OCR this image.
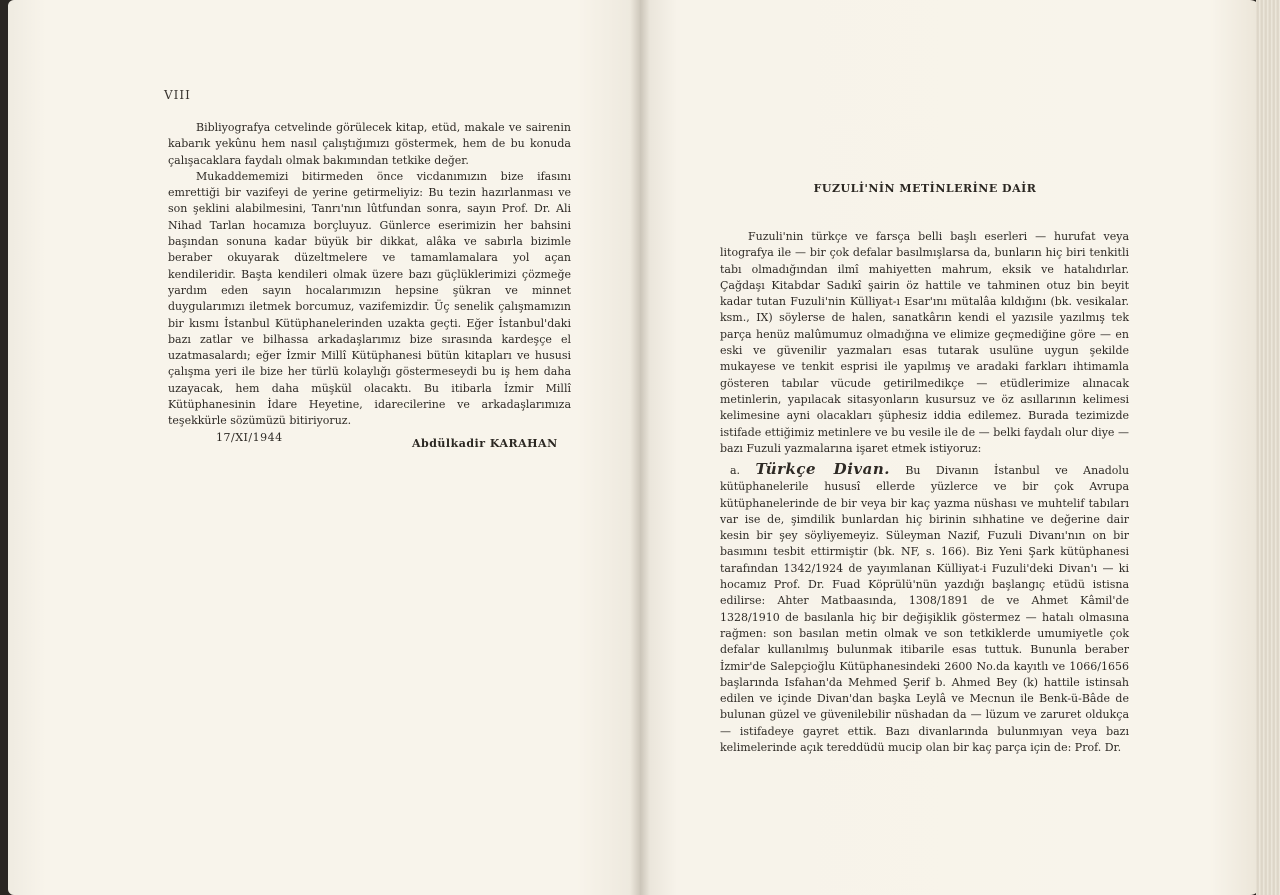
VIII

Bibliyografya cetvelinde görülecek kitap, etüd, makale ve sairenin kabarık yekûnu hem nasıl çalıştığımızı göstermek, hem de bu konuda çalışacaklara faydalı olmak bakımından tetkike değer.

Mukaddememizi bitirmeden önce vicdanımızın bize ifasını emrettiği bir vazifeyi de yerine getirmeliyiz: Bu tezin hazırlanması ve son şeklini alabilmesini, Tanrı'nın lûtfundan sonra, sayın Prof. Dr. Ali Nihad Tarlan hocamıza borçluyuz. Günlerce eserimizin her bahsini başından sonuna kadar büyük bir dikkat, alâka ve sabırla bizimle beraber okuyarak düzeltmelere ve tamamlamalara yol açan kendileridir. Başta kendileri olmak üzere bazı güçlüklerimizi çözmeğe yardım eden sayın hocalarımızın hepsine şükran ve minnet duygularımızı iletmek borcumuz, vazifemizdir. Üç senelik çalışmamızın bir kısmı İstanbul Kütüphanelerinden uzakta geçti. Eğer İstanbul'daki bazı zatlar ve bilhassa arkadaşlarımız bize sırasında kardeşçe el uzatmasalardı; eğer İzmir Millî Kütüphanesi bütün kitapları ve hususi çalışma yeri ile bize her türlü kolaylığı göstermeseydi bu iş hem daha uzayacak, hem daha müşkül olacaktı. Bu itibarla İzmir Millî Kütüphanesinin İdare Heyetine, idarecilerine ve arkadaşlarımıza teşekkürle sözümüzü bitiriyoruz.

17/XI/1944	Abdülkadir KARAHAN
FUZULİ'NİN METİNLERİNE DAİR

Fuzuli'nin türkçe ve farsça belli başlı eserleri — hurufat veya litografya ile — bir çok defalar basılmışlarsa da, bunların hiç biri tenkitli tabı olmadığından ilmî mahiyetten mahrum, eksik ve hatalıdırlar. Çağdaşı Kitabdar Sadıkî şairin öz hattile ve tahminen otuz bin beyit kadar tutan Fuzuli'nin Külliyat-ı Esar'ını mütalâa kıldığını (bk. vesikalar. ksm., IX) söylerse de halen, sanatkârın kendi el yazısile yazılmış tek parça henüz malûmumuz olmadığına ve elimize geçmediğine göre — en eski ve güvenilir yazmaları esas tutarak usulüne uygun şekilde mukayese ve tenkit esprisi ile yapılmış ve aradaki farkları ihtimamla gösteren tabılar vücude getirilmedikçe — etüdlerimize alınacak metinlerin, yapılacak sitasyonların kusursuz ve öz asıllarının kelimesi kelimesine ayni olacakları şüphesiz iddia edilemez. Burada tezimizde istifade ettiğimiz metinlere ve bu vesile ile de — belki faydalı olur diye — bazı Fuzuli yazmalarına işaret etmek istiyoruz:

a. Türkçe Divan. Bu Divanın İstanbul ve Anadolu kütüphanelerile hususî ellerde yüzlerce ve bir çok Avrupa kütüphanelerinde de bir veya bir kaç yazma nüshası ve muhtelif tabıları var ise de, şimdilik bunlardan hiç birinin sıhhatine ve değerine dair kesin bir şey söyliyemeyiz. Süleyman Nazif, Fuzuli Divanı'nın on bir basımını tesbit ettirmiştir (bk. NF, s. 166). Biz Yeni Şark kütüphanesi tarafından 1342/1924 de yayımlanan Külliyat-i Fuzuli'deki Divan'ı — ki hocamız Prof. Dr. Fuad Köprülü'nün yazdığı başlangıç etüdü istisna edilirse: Ahter Matbaasında, 1308/1891 de ve Ahmet Kâmil'de 1328/1910 de basılanla hiç bir değişiklik göstermez — hatalı olmasına rağmen: son basılan metin olmak ve son tetkiklerde umumiyetle çok defalar kullanılmış bulunmak itibarile esas tuttuk. Bununla beraber İzmir'de Salepçioğlu Kütüphanesindeki 2600 No.da kayıtlı ve 1066/1656 başlarında Isfahan'da Mehmed Şerif b. Ahmed Bey (k) hattile istinsah edilen ve içinde Divan'dan başka Leylâ ve Mecnun ile Benk-ü-Bâde de bulunan güzel ve güvenilebilir nüshadan da — lüzum ve zaruret oldukça — istifadeye gayret ettik. Bazı divanlarında bulunmıyan veya bazı kelimelerinde açık tereddüdü mucip olan bir kaç parça için de: Prof. Dr.
